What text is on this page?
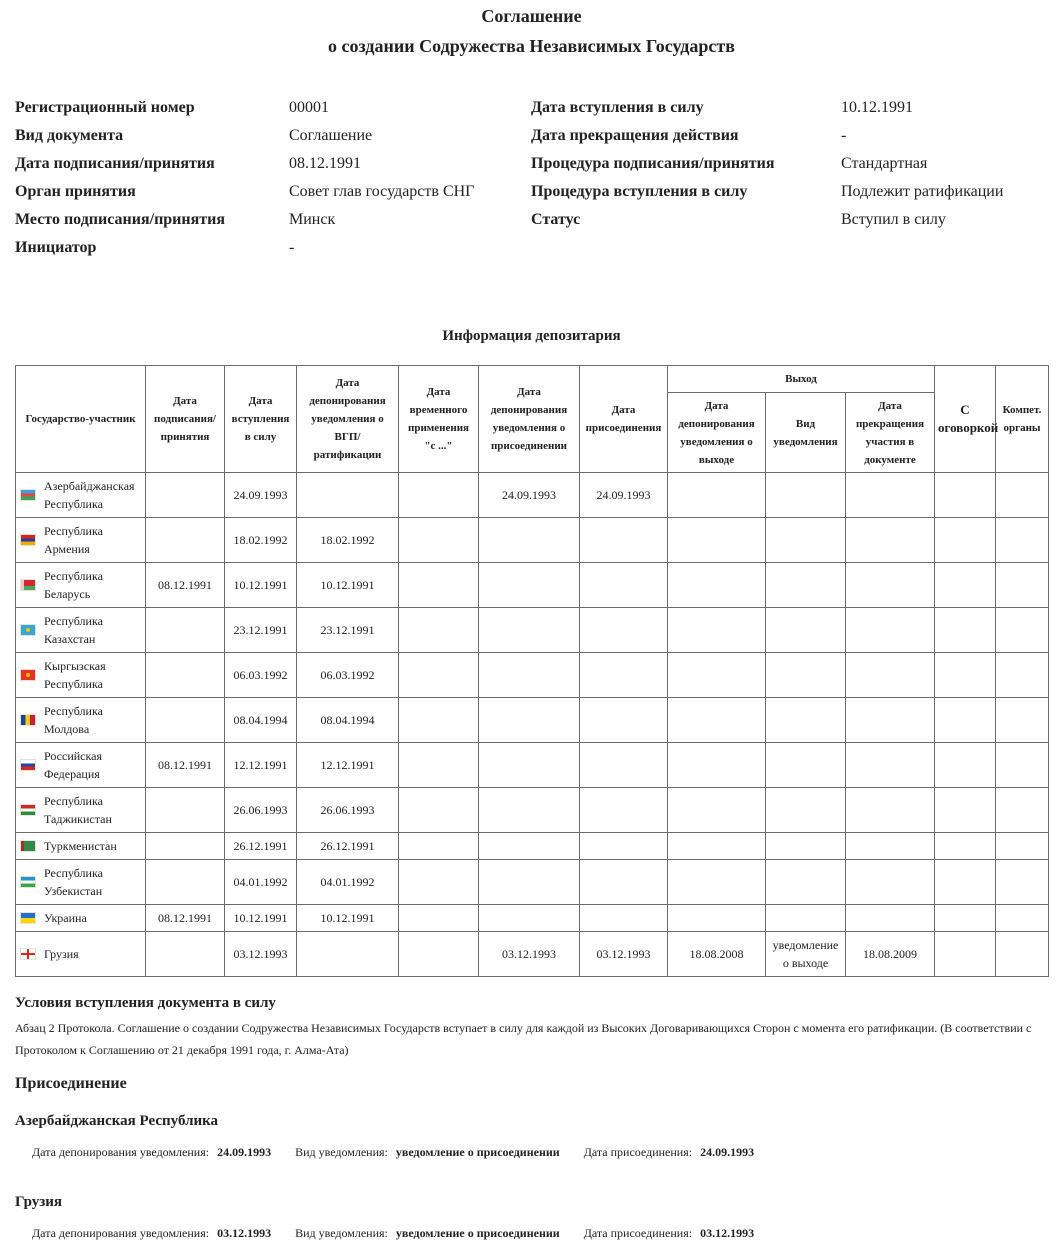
Соглашение
о создании Содружества Независимых Государств
Регистрационный номер	00001	Дата вступления в силу	10.12.1991
Вид документа	Соглашение	Дата прекращения действия	-
Дата подписания/принятия	08.12.1991	Процедура подписания/принятия	Стандартная
Орган принятия	Совет глав государств СНГ	Процедура вступления в силу	Подлежит ратификации
Место подписания/принятия	Минск	Статус	Вступил в силу
Инициатор	-
Информация депозитария
Государство-участник	Дата подписания/ принятия	Дата вступления в силу	Дата депонирования уведомления о ВГП/ ратификации	Дата временного применения "с ..."	Дата депонирования уведомления о присоединении	Дата присоединения	Выход			С оговоркой	Компет. органы
							Дата депонирования уведомления о выходе	Вид уведомления	Дата прекращения участия в документе		

Азербайджанская Республика		24.09.1993			24.09.1993	24.09.1993					

Республика Армения		18.02.1992	18.02.1992								

Республика Беларусь	08.12.1991	10.12.1991	10.12.1991								

Республика Казахстан		23.12.1991	23.12.1991								

Кыргызская Республика		06.03.1992	06.03.1992								

Республика Молдова		08.04.1994	08.04.1994								

Российская Федерация	08.12.1991	12.12.1991	12.12.1991								

Республика Таджикистан		26.06.1993	26.06.1993								

Туркменистан		26.12.1991	26.12.1991								

Республика Узбекистан		04.01.1992	04.01.1992								

Украина	08.12.1991	10.12.1991	10.12.1991								

Грузия		03.12.1993			03.12.1993	03.12.1993	18.08.2008	уведомление о выходе	18.08.2009		
Условия вступления документа в силу
Абзац 2 Протокола. Соглашение о создании Содружества Независимых Государств вступает в силу для каждой из Высоких Договаривающихся Сторон с момента его ратификации. (В соответствии с Протоколом к Соглашению от 21 декабря 1991 года, г. Алма-Ата)
Присоединение
Азербайджанская Республика
Дата депонирования уведомления: 24.09.1993 Вид уведомления: уведомление о присоединении Дата присоединения: 24.09.1993
Грузия
Дата депонирования уведомления: 03.12.1993 Вид уведомления: уведомление о присоединении Дата присоединения: 03.12.1993
